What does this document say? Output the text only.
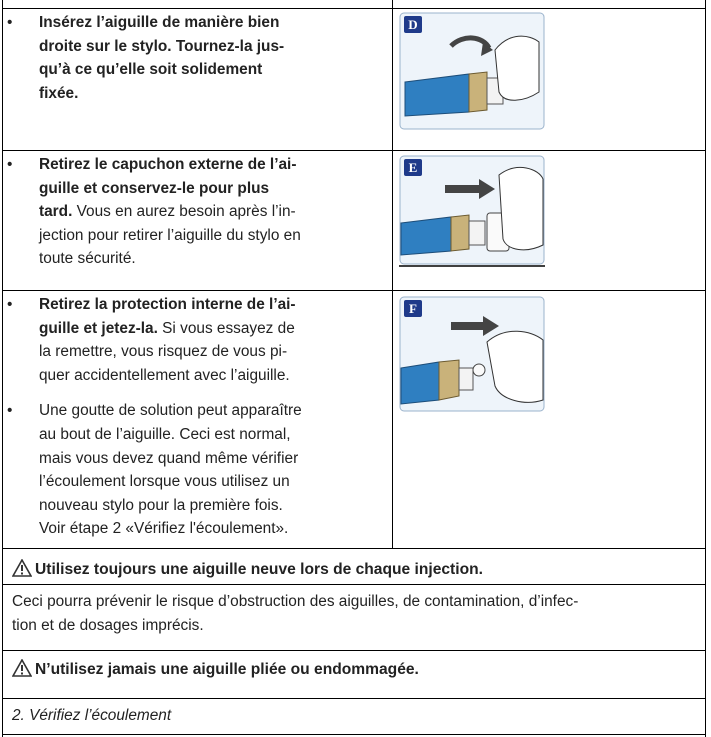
•	Insérez l’aiguille de manière bien
droite sur le stylo. Tournez-la jus-
qu’à ce qu’elle soit solidement
fixée.
D
•	Retirez le capuchon externe de l’ai-
guille et conservez-le pour plus
tard. Vous en aurez besoin après l’in-
jection pour retirer l’aiguille du stylo en
toute sécurité.
E
•	Retirez la protection interne de l’ai-
guille et jetez-la. Si vous essayez de
la remettre, vous risquez de vous pi-
quer accidentellement avec l’aiguille.
•	Une goutte de solution peut apparaître
au bout de l’aiguille. Ceci est normal,
mais vous devez quand même vérifier
l’écoulement lorsque vous utilisez un
nouveau stylo pour la première fois.
Voir étape 2 «Vérifiez l'écoulement».
F
Utilisez toujours une aiguille neuve lors de chaque injection.
Ceci pourra prévenir le risque d’obstruction des aiguilles, de contamination, d’infec-
tion et de dosages imprécis.
N’utilisez jamais une aiguille pliée ou endommagée.
2. Vérifiez l’écoulement
